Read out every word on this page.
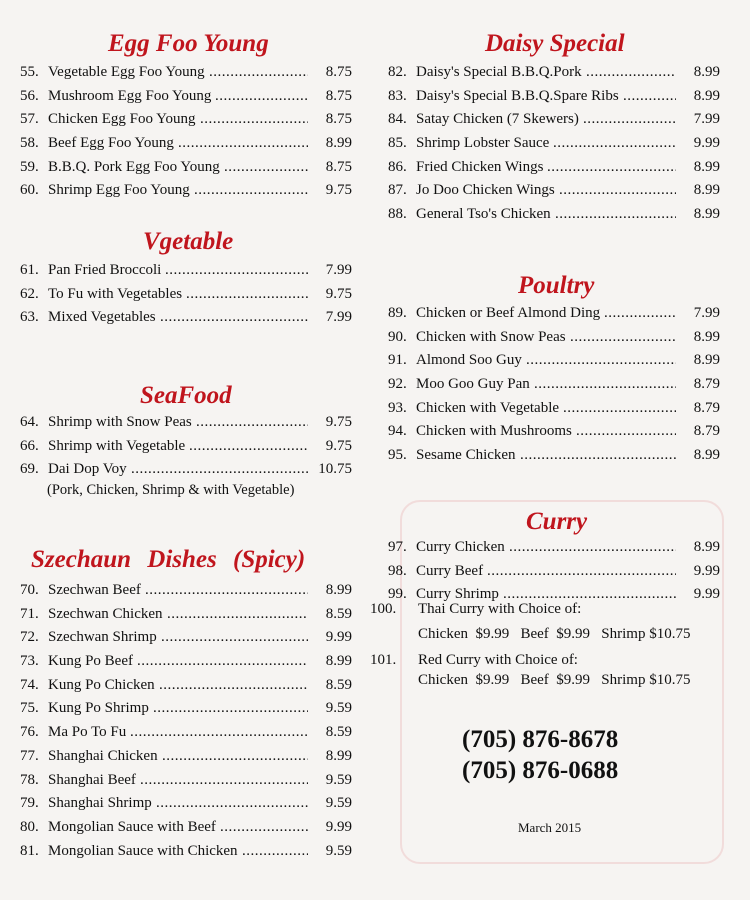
Egg Foo Young
55. Vegetable Egg Foo Young .....	8.75
56. Mushroom Egg Foo Young .....	8.75
57. Chicken Egg Foo Young .....	8.75
58. Beef Egg Foo Young .....	8.99
59. B.B.Q. Pork Egg Foo Young .....	8.75
60. Shrimp Egg Foo Young .....	9.75
Vgetable
61. Pan Fried Broccoli .....	7.99
62. To Fu with Vegetables .....	9.75
63. Mixed Vegetables .....	7.99
SeaFood
64. Shrimp with Snow Peas .....	9.75
66. Shrimp with Vegetable .....	9.75
69. Dai Dop Voy .....	10.75
(Pork, Chicken, Shrimp & with Vegetable)
Szechaun Dishes (Spicy)
70. Szechwan Beef .....	8.99
71. Szechwan Chicken .....	8.59
72. Szechwan Shrimp .....	9.99
73. Kung Po Beef .....	8.99
74. Kung Po Chicken .....	8.59
75. Kung Po Shrimp .....	9.59
76. Ma Po To Fu .....	8.59
77. Shanghai Chicken .....	8.99
78. Shanghai Beef .....	9.59
79. Shanghai Shrimp .....	9.59
80. Mongolian Sauce with Beef .....	9.99
81. Mongolian Sauce with Chicken .....	9.59
Daisy Special
82. Daisy's Special B.B.Q.Pork .....	8.99
83. Daisy's Special B.B.Q.Spare Ribs .....	8.99
84. Satay Chicken (7 Skewers) .....	7.99
85. Shrimp Lobster Sauce .....	9.99
86. Fried Chicken Wings .....	8.99
87. Jo Doo Chicken Wings .....	8.99
88. General Tso's Chicken .....	8.99
Poultry
89. Chicken or Beef Almond Ding .....	7.99
90. Chicken with Snow Peas .....	8.99
91. Almond Soo Guy .....	8.99
92. Moo Goo Guy Pan .....	8.79
93. Chicken with Vegetable .....	8.79
94. Chicken with Mushrooms .....	8.79
95. Sesame Chicken .....	8.99
Curry
97. Curry Chicken .....	8.99
98. Curry Beef .....	9.99
99. Curry Shrimp .....	9.99
100. Thai Curry with Choice of:
Chicken  $9.99   Beef  $9.99   Shrimp $10.75
101. Red Curry with Choice of:
Chicken  $9.99   Beef  $9.99   Shrimp $10.75
(705) 876-8678
(705) 876-0688
March 2015
